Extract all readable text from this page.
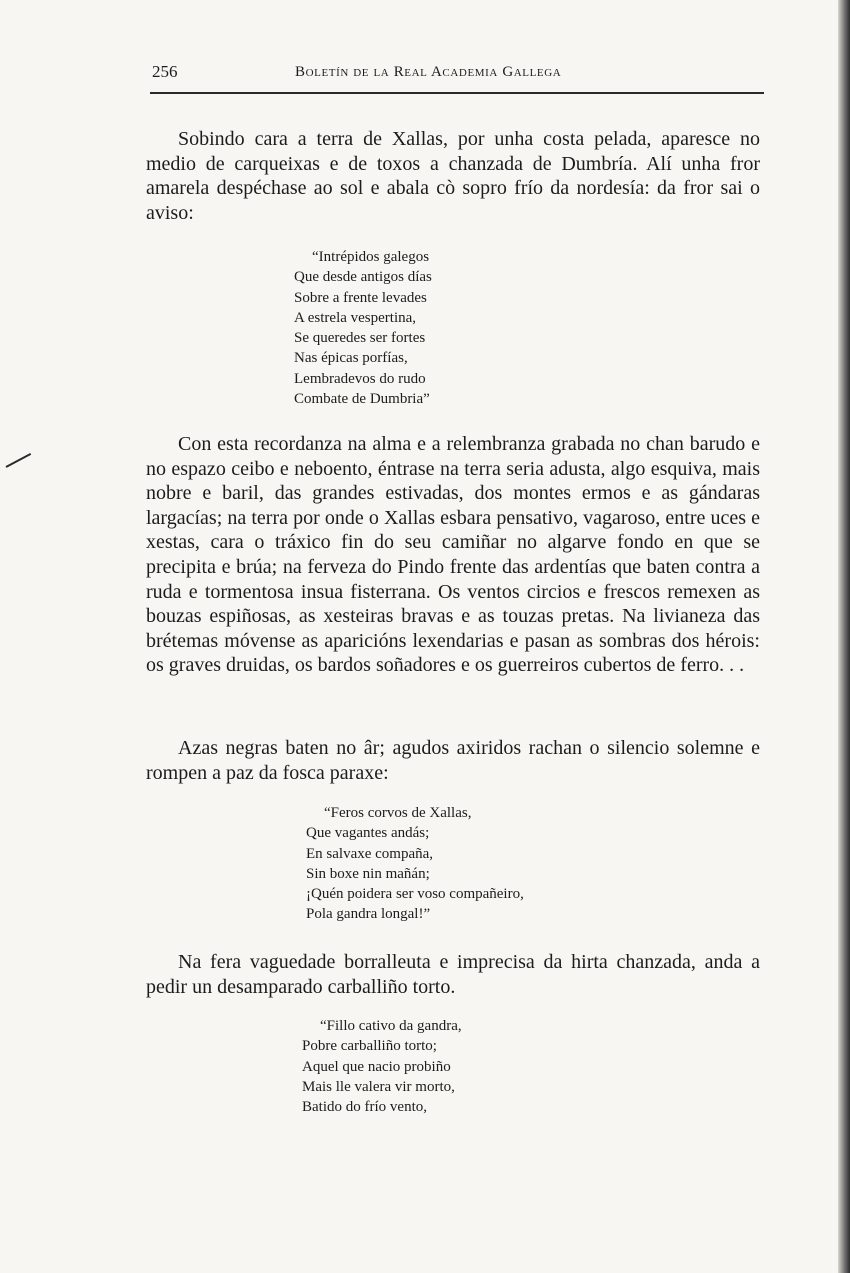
256	Boletín de la Real Academia Gallega

Sobindo cara a terra de Xallas, por unha costa pelada, aparesce no medio de carqueixas e de toxos a chanzada de Dumbría. Alí unha fror amarela despéchase ao sol e abala cò sopro frío da nordesía: da fror sai o aviso:

“Intrépidos galegos
Que desde antigos días
Sobre a frente levades
A estrela vespertina,
Se queredes ser fortes
Nas épicas porfías,
Lembradevos do rudo
Combate de Dumbria”

Con esta recordanza na alma e a relembranza grabada no chan barudo e no espazo ceibo e neboento, éntrase na terra seria adusta, algo esquiva, mais nobre e baril, das grandes estivadas, dos montes ermos e as gándaras largacías; na terra por onde o Xallas esbara pensativo, vagaroso, entre uces e xestas, cara o tráxico fin do seu camiñar no algarve fondo en que se precipita e brúa; na ferveza do Pindo frente das ardentías que baten contra a ruda e tormentosa insua fisterrana. Os ventos circios e frescos remexen as bouzas espiñosas, as xesteiras bravas e as touzas pretas. Na livianeza das brétemas móvense as aparicións lexendarias e pasan as sombras dos hérois: os graves druidas, os bardos soñadores e os guerreiros cubertos de ferro. . .

Azas negras baten no âr; agudos axiridos rachan o silencio solemne e rompen a paz da fosca paraxe:

“Feros corvos de Xallas,
Que vagantes andás;
En salvaxe compaña,
Sin boxe nin mañán;
¡Quén poidera ser voso compañeiro,
Pola gandra longal!”

Na fera vaguedade borralleuta e imprecisa da hirta chanzada, anda a pedir un desamparado carballiño torto.

“Fillo cativo da gandra,
Pobre carballiño torto;
Aquel que nacio probiño
Mais lle valera vir morto,
Batido do frío vento,
